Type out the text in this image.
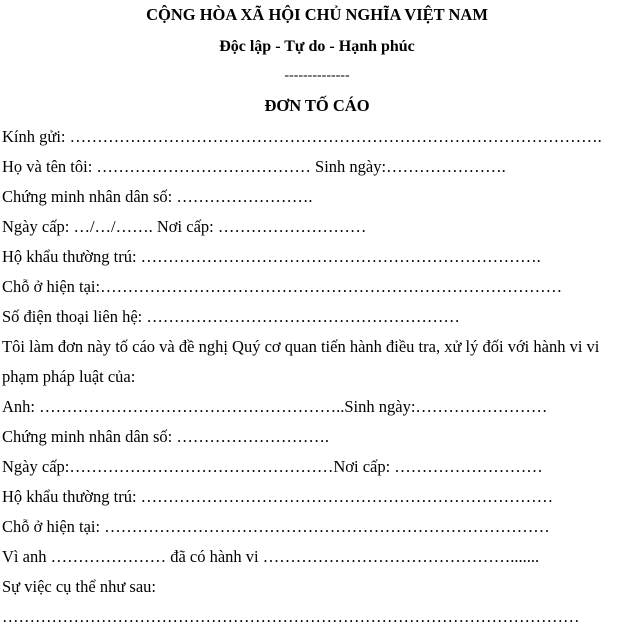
CỘNG HÒA XÃ HỘI CHỦ NGHĨA VIỆT NAM
Độc lập - Tự do - Hạnh phúc
--------------
ĐƠN TỐ CÁO
Kính gửi: …………………………………………………………………………………….
Họ và tên tôi: ………………………………… Sinh ngày:………………….
Chứng minh nhân dân số: …………………….
Ngày cấp: …/…/……. Nơi cấp: ………………………
Hộ khẩu thường trú: ……………………………………………………………….
Chỗ ở hiện tại:…………………………………………………………………………
Số điện thoại liên hệ: …………………………………………………
Tôi làm đơn này tố cáo và đề nghị Quý cơ quan tiến hành điều tra, xử lý đối với hành vi vi
phạm pháp luật của:
Anh: ………………………………………………..Sinh ngày:……………………
Chứng minh nhân dân số: ……………………….
Ngày cấp:…………………………………………Nơi cấp: ………………………
Hộ khẩu thường trú: …………………………………………………………………
Chỗ ở hiện tại: ………………………………………………………………………
Vì anh ………………… đã có hành vi ……………………………………….......
Sự việc cụ thể như sau:
……………………………………………………………………………………………
